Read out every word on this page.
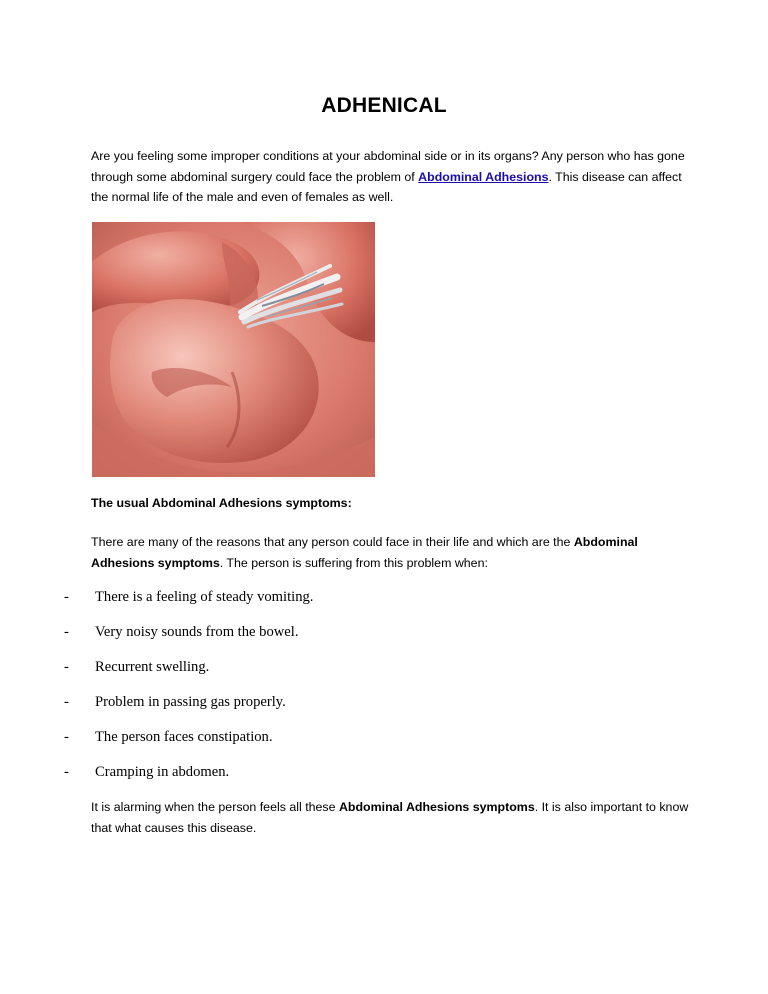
ADHENICAL
Are you feeling some improper conditions at your abdominal side or in its organs? Any person who has gone through some abdominal surgery could face the problem of Abdominal Adhesions. This disease can affect the normal life of the male and even of females as well.
The usual Abdominal Adhesions symptoms:
There are many of the reasons that any person could face in their life and which are the Abdominal Adhesions symptoms. The person is suffering from this problem when:
- There is a feeling of steady vomiting.
- Very noisy sounds from the bowel.
- Recurrent swelling.
- Problem in passing gas properly.
- The person faces constipation.
- Cramping in abdomen.
It is alarming when the person feels all these Abdominal Adhesions symptoms. It is also important to know that what causes this disease.
